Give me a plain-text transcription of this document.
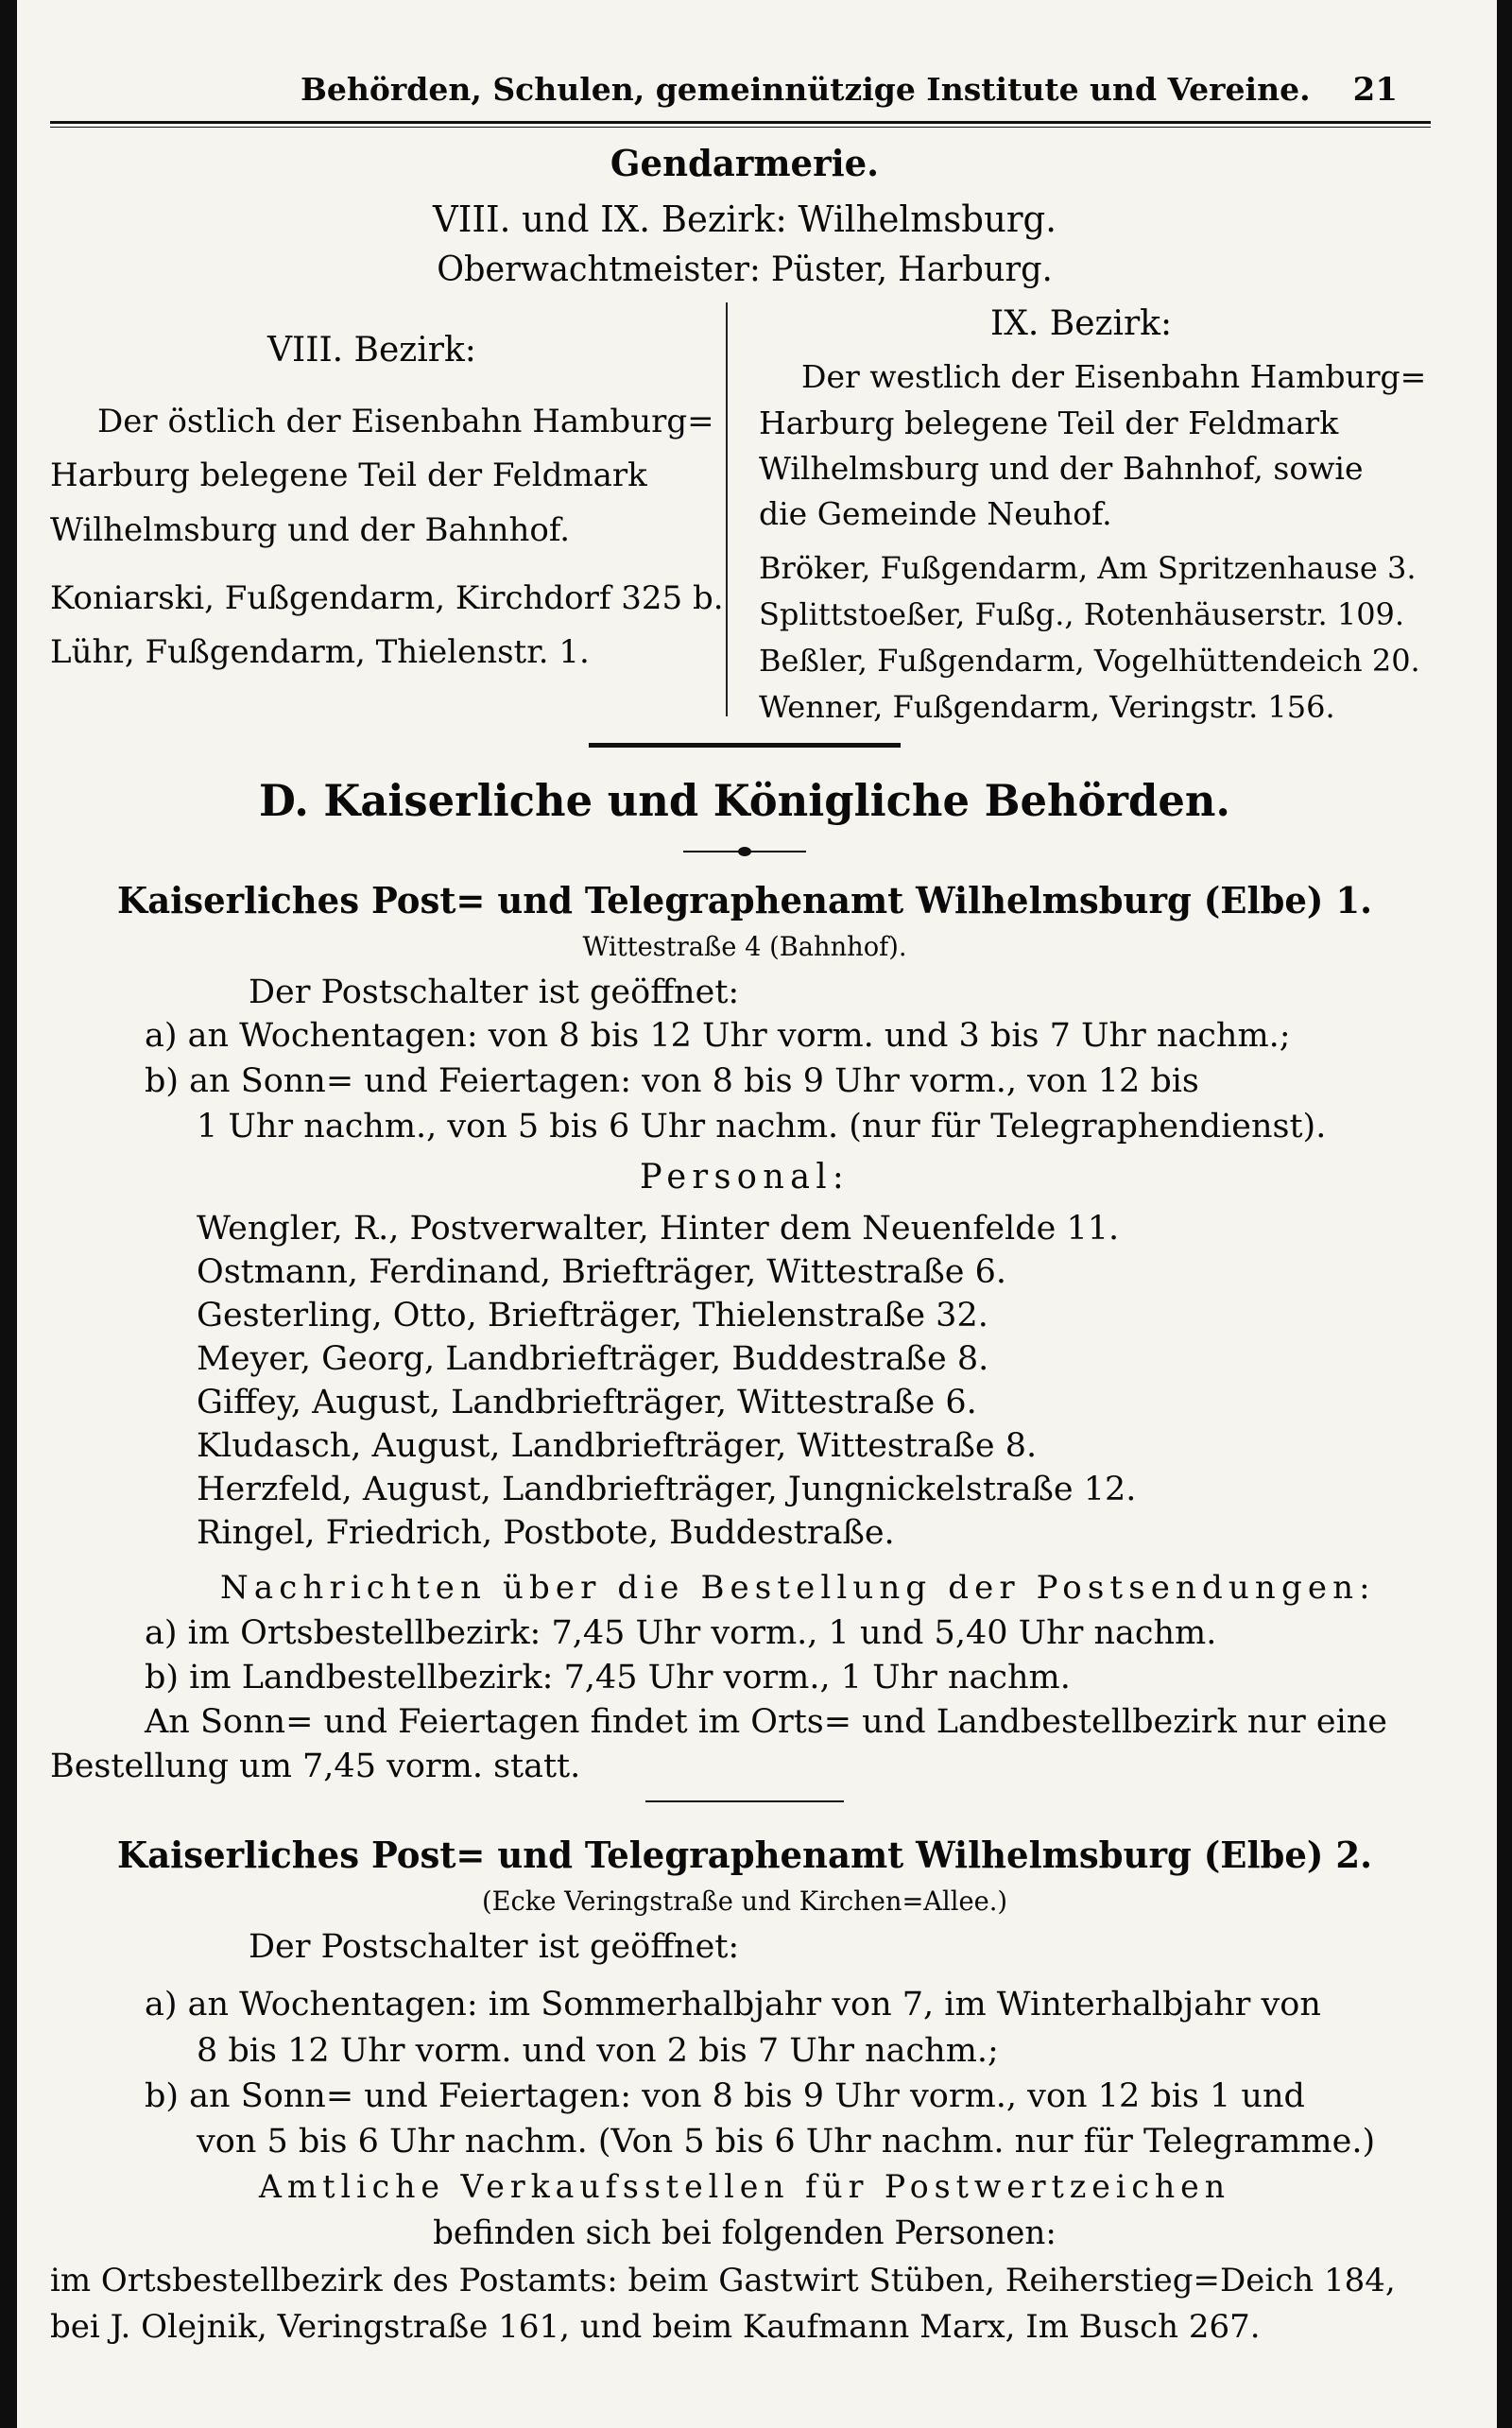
Behörden, Schulen, gemeinnützige Institute und Vereine. 21
Gendarmerie.
VIII. und IX. Bezirk: Wilhelmsburg.
Oberwachtmeister: Püster, Harburg.
VIII. Bezirk:
Der östlich der Eisenbahn Hamburg=
Harburg belegene Teil der Feldmark
Wilhelmsburg und der Bahnhof.
Koniarski, Fußgendarm, Kirchdorf 325 b.
Lühr, Fußgendarm, Thielenstr. 1.
IX. Bezirk:
Der westlich der Eisenbahn Hamburg=
Harburg belegene Teil der Feldmark
Wilhelmsburg und der Bahnhof, sowie
die Gemeinde Neuhof.
Bröker, Fußgendarm, Am Spritzenhause 3.
Splittstoeßer, Fußg., Rotenhäuserstr. 109.
Beßler, Fußgendarm, Vogelhüttendeich 20.
Wenner, Fußgendarm, Veringstr. 156.
D. Kaiserliche und Königliche Behörden.
Kaiserliches Post= und Telegraphenamt Wilhelmsburg (Elbe) 1.
Wittestraße 4 (Bahnhof).
Der Postschalter ist geöffnet:
a) an Wochentagen: von 8 bis 12 Uhr vorm. und 3 bis 7 Uhr nachm.;
b) an Sonn= und Feiertagen: von 8 bis 9 Uhr vorm., von 12 bis
1 Uhr nachm., von 5 bis 6 Uhr nachm. (nur für Telegraphendienst).
Personal:
Wengler, R., Postverwalter, Hinter dem Neuenfelde 11.
Ostmann, Ferdinand, Briefträger, Wittestraße 6.
Gesterling, Otto, Briefträger, Thielenstraße 32.
Meyer, Georg, Landbriefträger, Buddestraße 8.
Giffey, August, Landbriefträger, Wittestraße 6.
Kludasch, August, Landbriefträger, Wittestraße 8.
Herzfeld, August, Landbriefträger, Jungnickelstraße 12.
Ringel, Friedrich, Postbote, Buddestraße.
Nachrichten über die Bestellung der Postsendungen:
a) im Ortsbestellbezirk: 7,45 Uhr vorm., 1 und 5,40 Uhr nachm.
b) im Landbestellbezirk: 7,45 Uhr vorm., 1 Uhr nachm.
An Sonn= und Feiertagen findet im Orts= und Landbestellbezirk nur eine
Bestellung um 7,45 vorm. statt.
Kaiserliches Post= und Telegraphenamt Wilhelmsburg (Elbe) 2.
(Ecke Veringstraße und Kirchen=Allee.)
Der Postschalter ist geöffnet:
a) an Wochentagen: im Sommerhalbjahr von 7, im Winterhalbjahr von
8 bis 12 Uhr vorm. und von 2 bis 7 Uhr nachm.;
b) an Sonn= und Feiertagen: von 8 bis 9 Uhr vorm., von 12 bis 1 und
von 5 bis 6 Uhr nachm. (Von 5 bis 6 Uhr nachm. nur für Telegramme.)
Amtliche Verkaufsstellen für Postwertzeichen
befinden sich bei folgenden Personen:
im Ortsbestellbezirk des Postamts: beim Gastwirt Stüben, Reiherstieg=Deich 184,
bei J. Olejnik, Veringstraße 161, und beim Kaufmann Marx, Im Busch 267.
